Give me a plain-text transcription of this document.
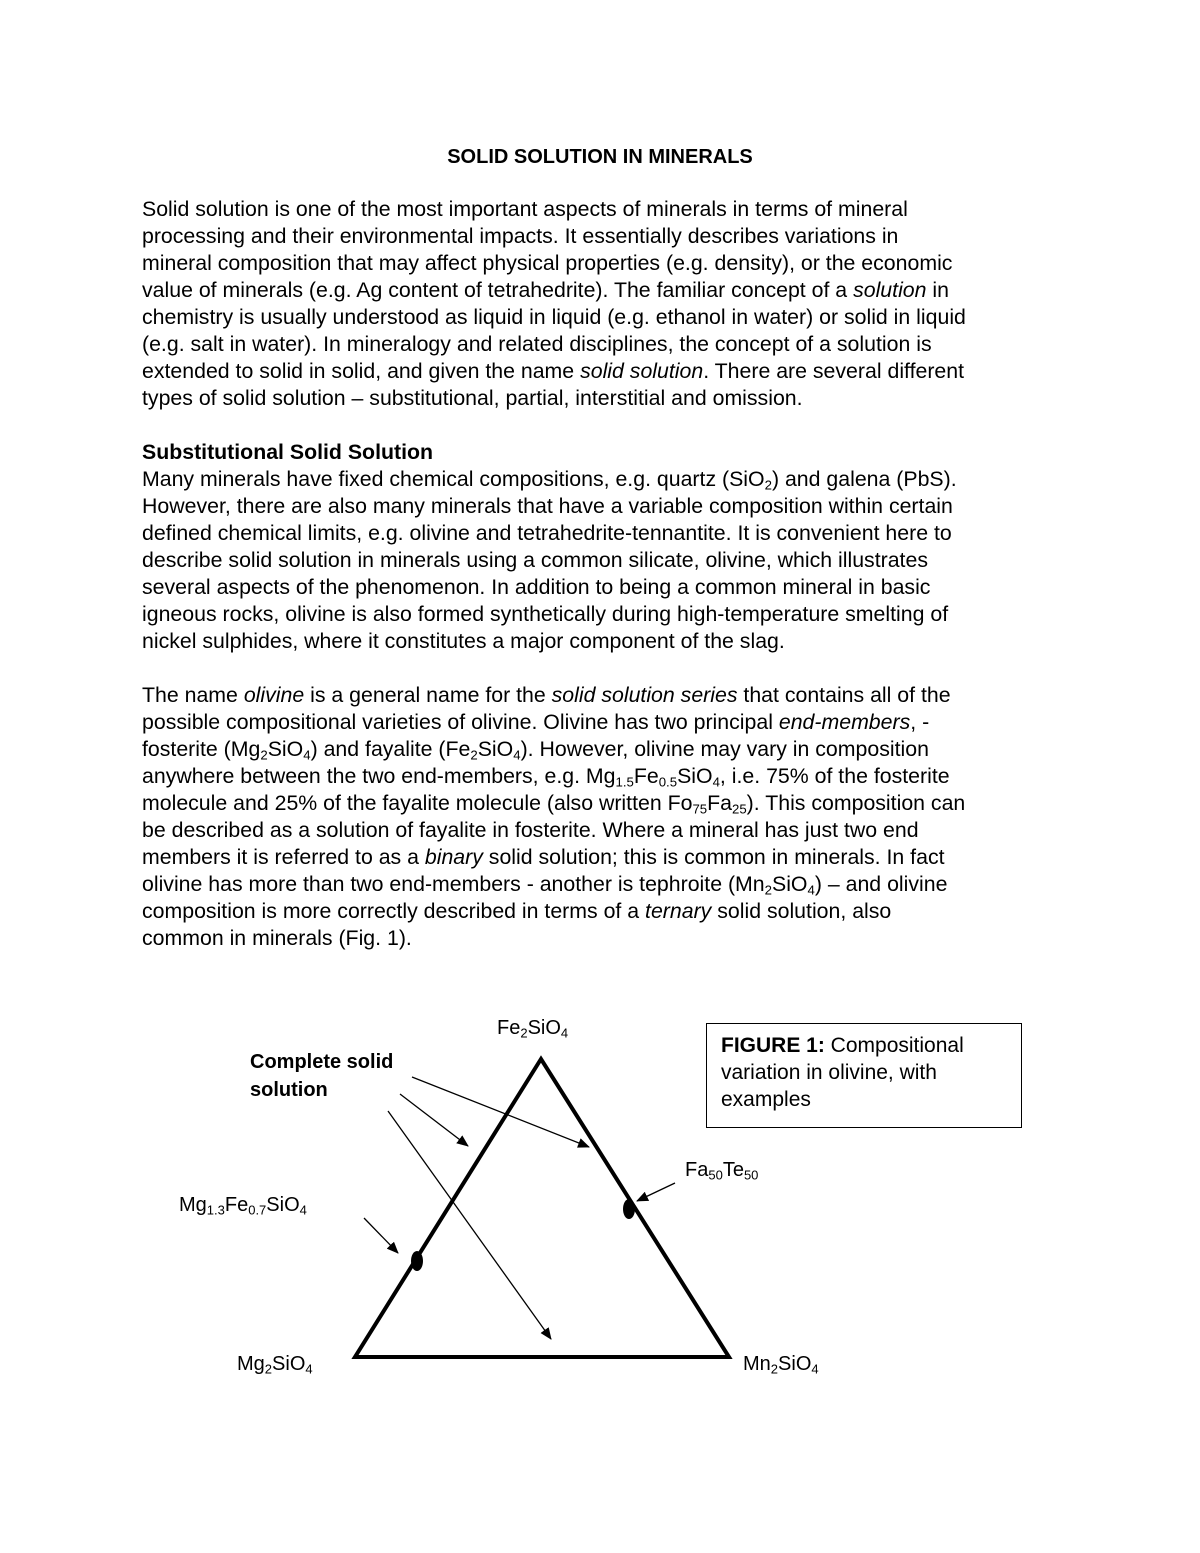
SOLID SOLUTION IN MINERALS
Solid solution is one of the most important aspects of minerals in terms of mineral
processing and their environmental impacts. It essentially describes variations in
mineral composition that may affect physical properties (e.g. density), or the economic
value of minerals (e.g. Ag content of tetrahedrite). The familiar concept of a solution in
chemistry is usually understood as liquid in liquid (e.g. ethanol in water) or solid in liquid
(e.g. salt in water). In mineralogy and related disciplines, the concept of a solution is
extended to solid in solid, and given the name solid solution. There are several different
types of solid solution – substitutional, partial, interstitial and omission.
Substitutional Solid Solution
Many minerals have fixed chemical compositions, e.g. quartz (SiO$_2$) and galena (PbS).
However, there are also many minerals that have a variable composition within certain
defined chemical limits, e.g. olivine and tetrahedrite-tennantite. It is convenient here to
describe solid solution in minerals using a common silicate, olivine, which illustrates
several aspects of the phenomenon. In addition to being a common mineral in basic
igneous rocks, olivine is also formed synthetically during high-temperature smelting of
nickel sulphides, where it constitutes a major component of the slag.
The name olivine is a general name for the solid solution series that contains all of the
possible compositional varieties of olivine. Olivine has two principal end-members, -
fosterite $(Mg_2SiO_4)$ and fayalite $(Fe_2SiO_4)$. However, olivine may vary in composition
anywhere between the two end-members, e.g. $Mg_{1.5}Fe_{0.5}SiO_4$, i.e. 75% of the fosterite
molecule and 25% of the fayalite molecule (also written $Fo_{75}Fa_{25}$). This composition can
be described as a solution of fayalite in fosterite. Where a mineral has just two end
members it is referred to as a binary solid solution; this is common in minerals. In fact
olivine has more than two end-members - another is tephroite $(Mn_2SiO_4)$ – and olivine
composition is more correctly described in terms of a ternary solid solution, also
common in minerals (Fig. 1).
$Fe_2SiO_4$
$Mg_2SiO_4$	$Mn_2SiO_4$
$Mg_{1.3}Fe_{0.7}SiO_4$
$Fa_{50}Te_{50}$
Complete solid
solution
FIGURE 1: Compositional
variation in olivine, with
examples
